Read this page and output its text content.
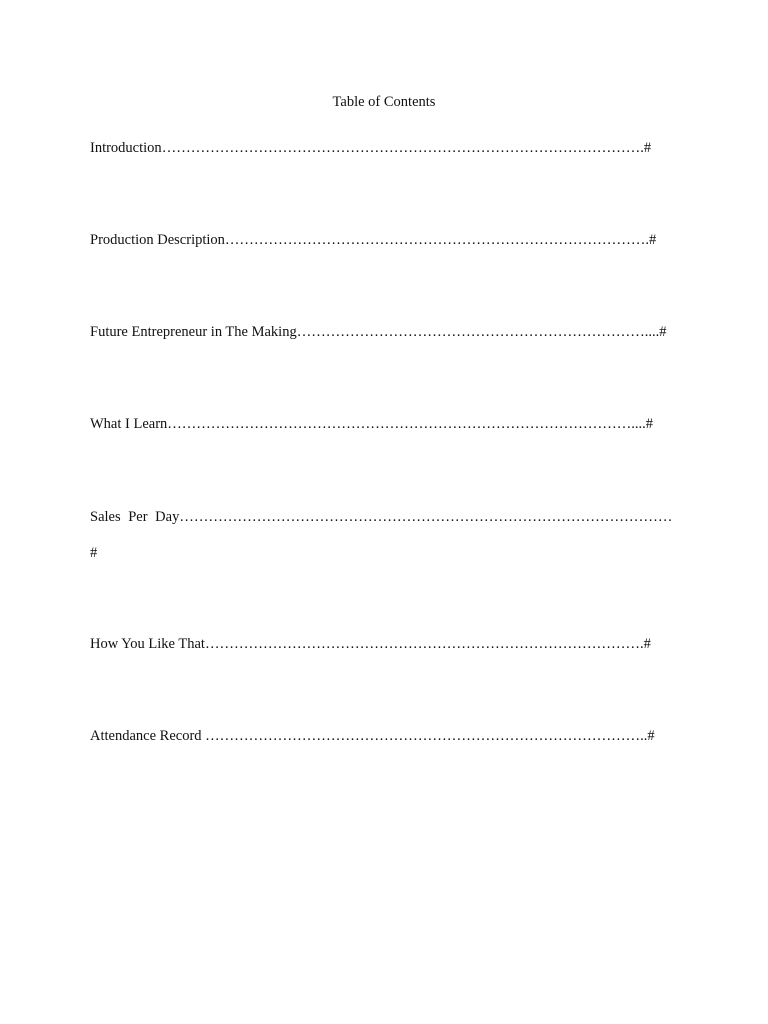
Table of Contents
Introduction……………………………………………………………………………………….#
Production Description…………………………………………………………………………….#
Future Entrepreneur in The Making………………………………………………………………....#
What I Learn……………………………………………………………………………………....#
Sales Per Day…………………………………………………………………………………………
#
How You Like That……………………………………………………………………………….#
Attendance Record ………………………………………………………………………………..#
